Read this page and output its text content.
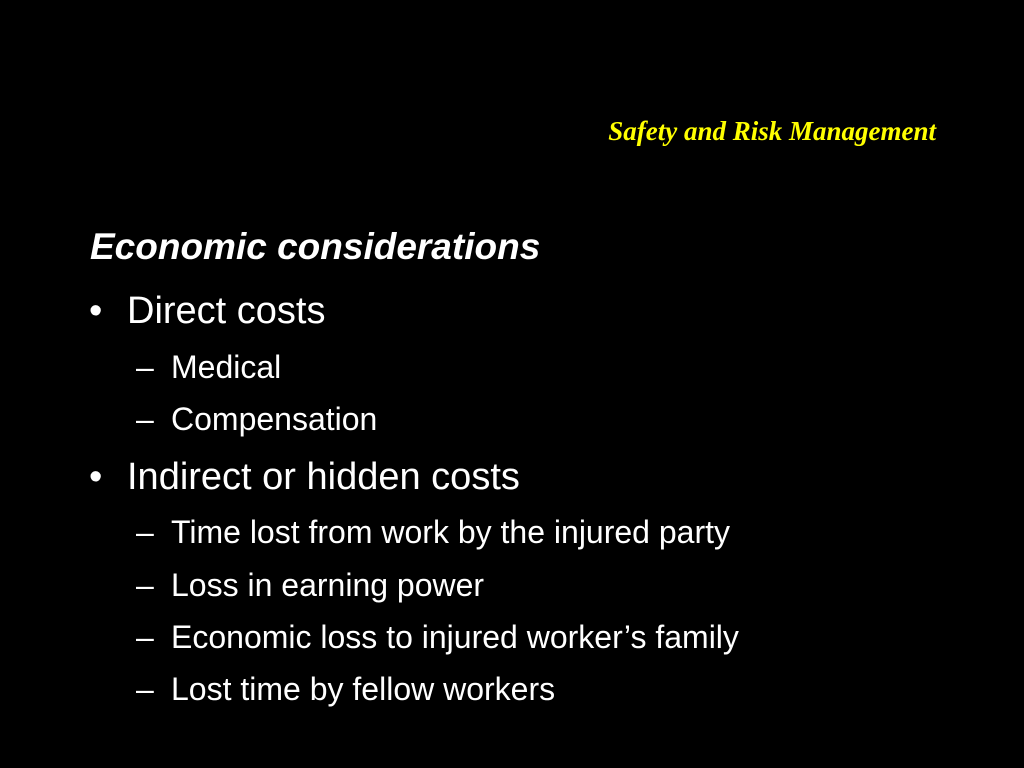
Safety and Risk Management
Economic considerations
• Direct costs
– Medical
– Compensation
• Indirect or hidden costs
– Time lost from work by the injured party
– Loss in earning power
– Economic loss to injured worker’s family
– Lost time by fellow workers
